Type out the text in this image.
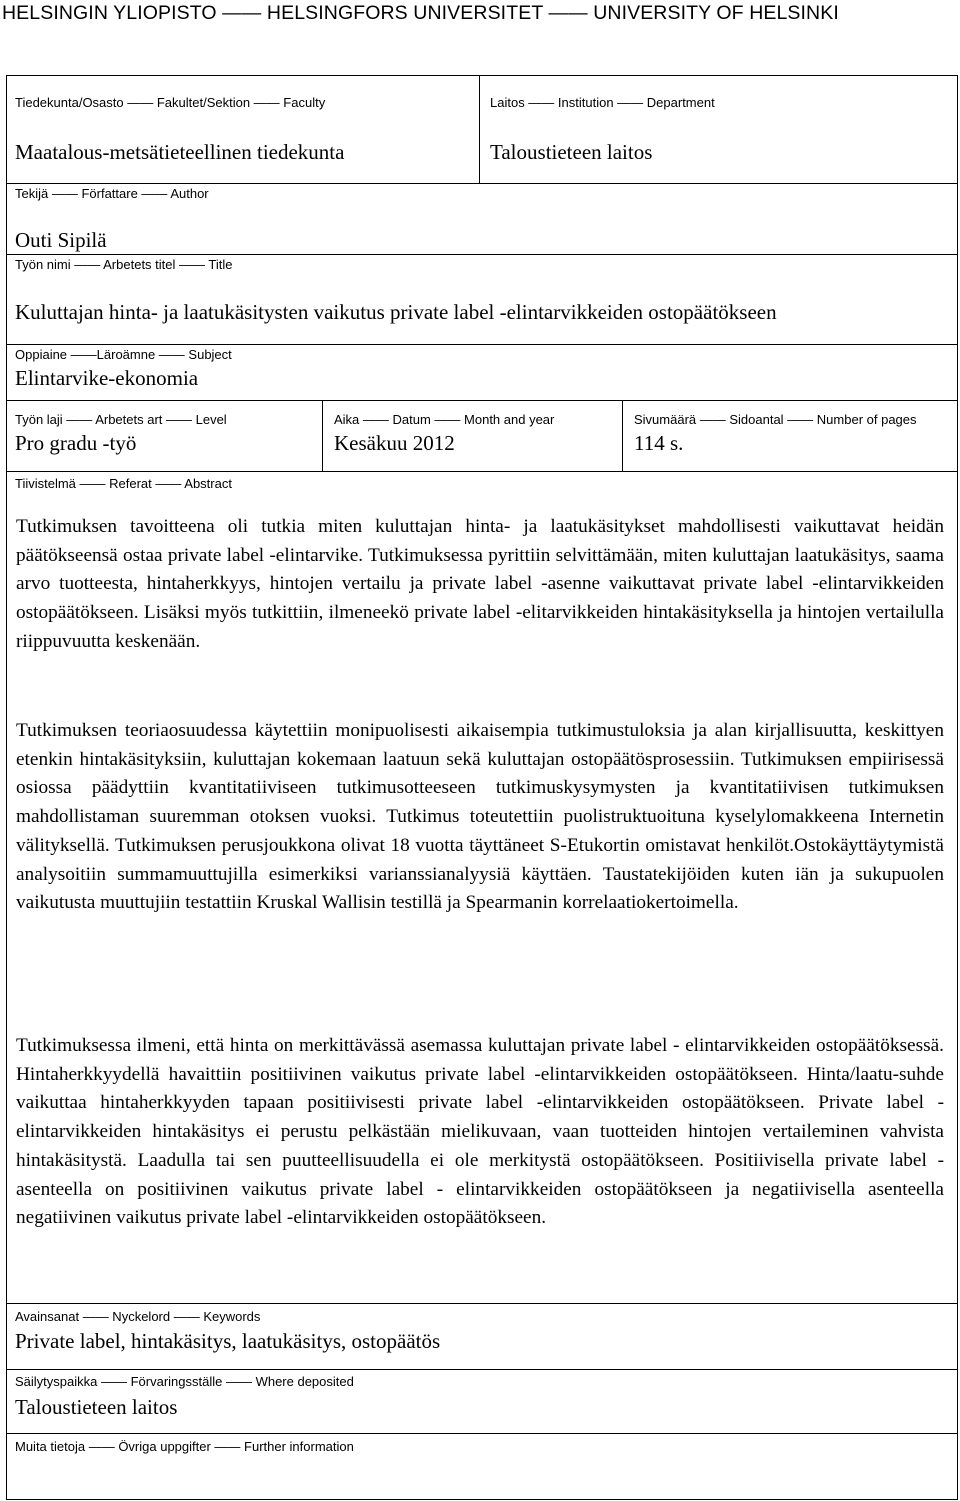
HELSINGIN YLIOPISTO —— HELSINGFORS UNIVERSITET —— UNIVERSITY OF HELSINKI
Tiedekunta/Osasto —— Fakultet/Sektion —— Faculty
Maatalous-metsätieteellinen tiedekunta
Laitos —— Institution —— Department
Taloustieteen laitos
Tekijä —— Författare —— Author
Outi Sipilä
Työn nimi —— Arbetets titel —— Title
Kuluttajan hinta- ja laatukäsitysten vaikutus private label -elintarvikkeiden ostopäätökseen
Oppiaine ——Läroämne —— Subject
Elintarvike-ekonomia
Työn laji —— Arbetets art —— Level
Pro gradu -työ
Aika —— Datum —— Month and year
Kesäkuu 2012
Sivumäärä —— Sidoantal —— Number of pages
114 s.
Tiivistelmä —— Referat —— Abstract

Tutkimuksen tavoitteena oli tutkia miten kuluttajan hinta- ja laatukäsitykset mahdollisesti vaikuttavat heidän päätökseensä ostaa private label -elintarvike. Tutkimuksessa pyrittiin selvittämään, miten kuluttajan laatukäsitys, saama arvo tuotteesta, hintaherkkyys, hintojen vertailu ja private label -asenne vaikuttavat private label -elintarvikkeiden ostopäätökseen. Lisäksi myös tutkittiin, ilmeneekö private label -elitarvikkeiden hintakäsityksella ja hintojen vertailulla riippuvuutta keskenään.

Tutkimuksen teoriaosuudessa käytettiin monipuolisesti aikaisempia tutkimustuloksia ja alan kirjallisuutta, keskittyen etenkin hintakäsityksiin, kuluttajan kokemaan laatuun sekä kuluttajan ostopäätösprosessiin. Tutkimuksen empiirisessä osiossa päädyttiin kvantitatiiviseen tutkimusotteeseen tutkimuskysymysten ja kvantitatiivisen tutkimuksen mahdollistaman suuremman otoksen vuoksi. Tutkimus toteutettiin puolistruktuoituna kyselylomakkeena Internetin välityksellä. Tutkimuksen perusjoukkona olivat 18 vuotta täyttäneet S-Etukortin omistavat henkilöt.Ostokäyttäytymistä analysoitiin summamuuttujilla esimerkiksi varianssianalyysiä käyttäen. Taustatekijöiden kuten iän ja sukupuolen vaikutusta muuttujiin testattiin Kruskal Wallisin testillä ja Spearmanin korrelaatiokertoimella.

Tutkimuksessa ilmeni, että hinta on merkittävässä asemassa kuluttajan private label - elintarvikkeiden ostopäätöksessä. Hintaherkkyydellä havaittiin positiivinen vaikutus private label -elintarvikkeiden ostopäätökseen. Hinta/laatu-suhde vaikuttaa hintaherkkyyden tapaan positiivisesti private label -elintarvikkeiden ostopäätökseen. Private label -elintarvikkeiden hintakäsitys ei perustu pelkästään mielikuvaan, vaan tuotteiden hintojen vertaileminen vahvista hintakäsitystä. Laadulla tai sen puutteellisuudella ei ole merkitystä ostopäätökseen. Positiivisella private label -asenteella on positiivinen vaikutus private label - elintarvikkeiden ostopäätökseen ja negatiivisella asenteella negatiivinen vaikutus private label -elintarvikkeiden ostopäätökseen.

Avainsanat —— Nyckelord —— Keywords
Private label, hintakäsitys, laatukäsitys, ostopäätös
Säilytyspaikka —— Förvaringsställe —— Where deposited
Taloustieteen laitos
Muita tietoja —— Övriga uppgifter —— Further information
